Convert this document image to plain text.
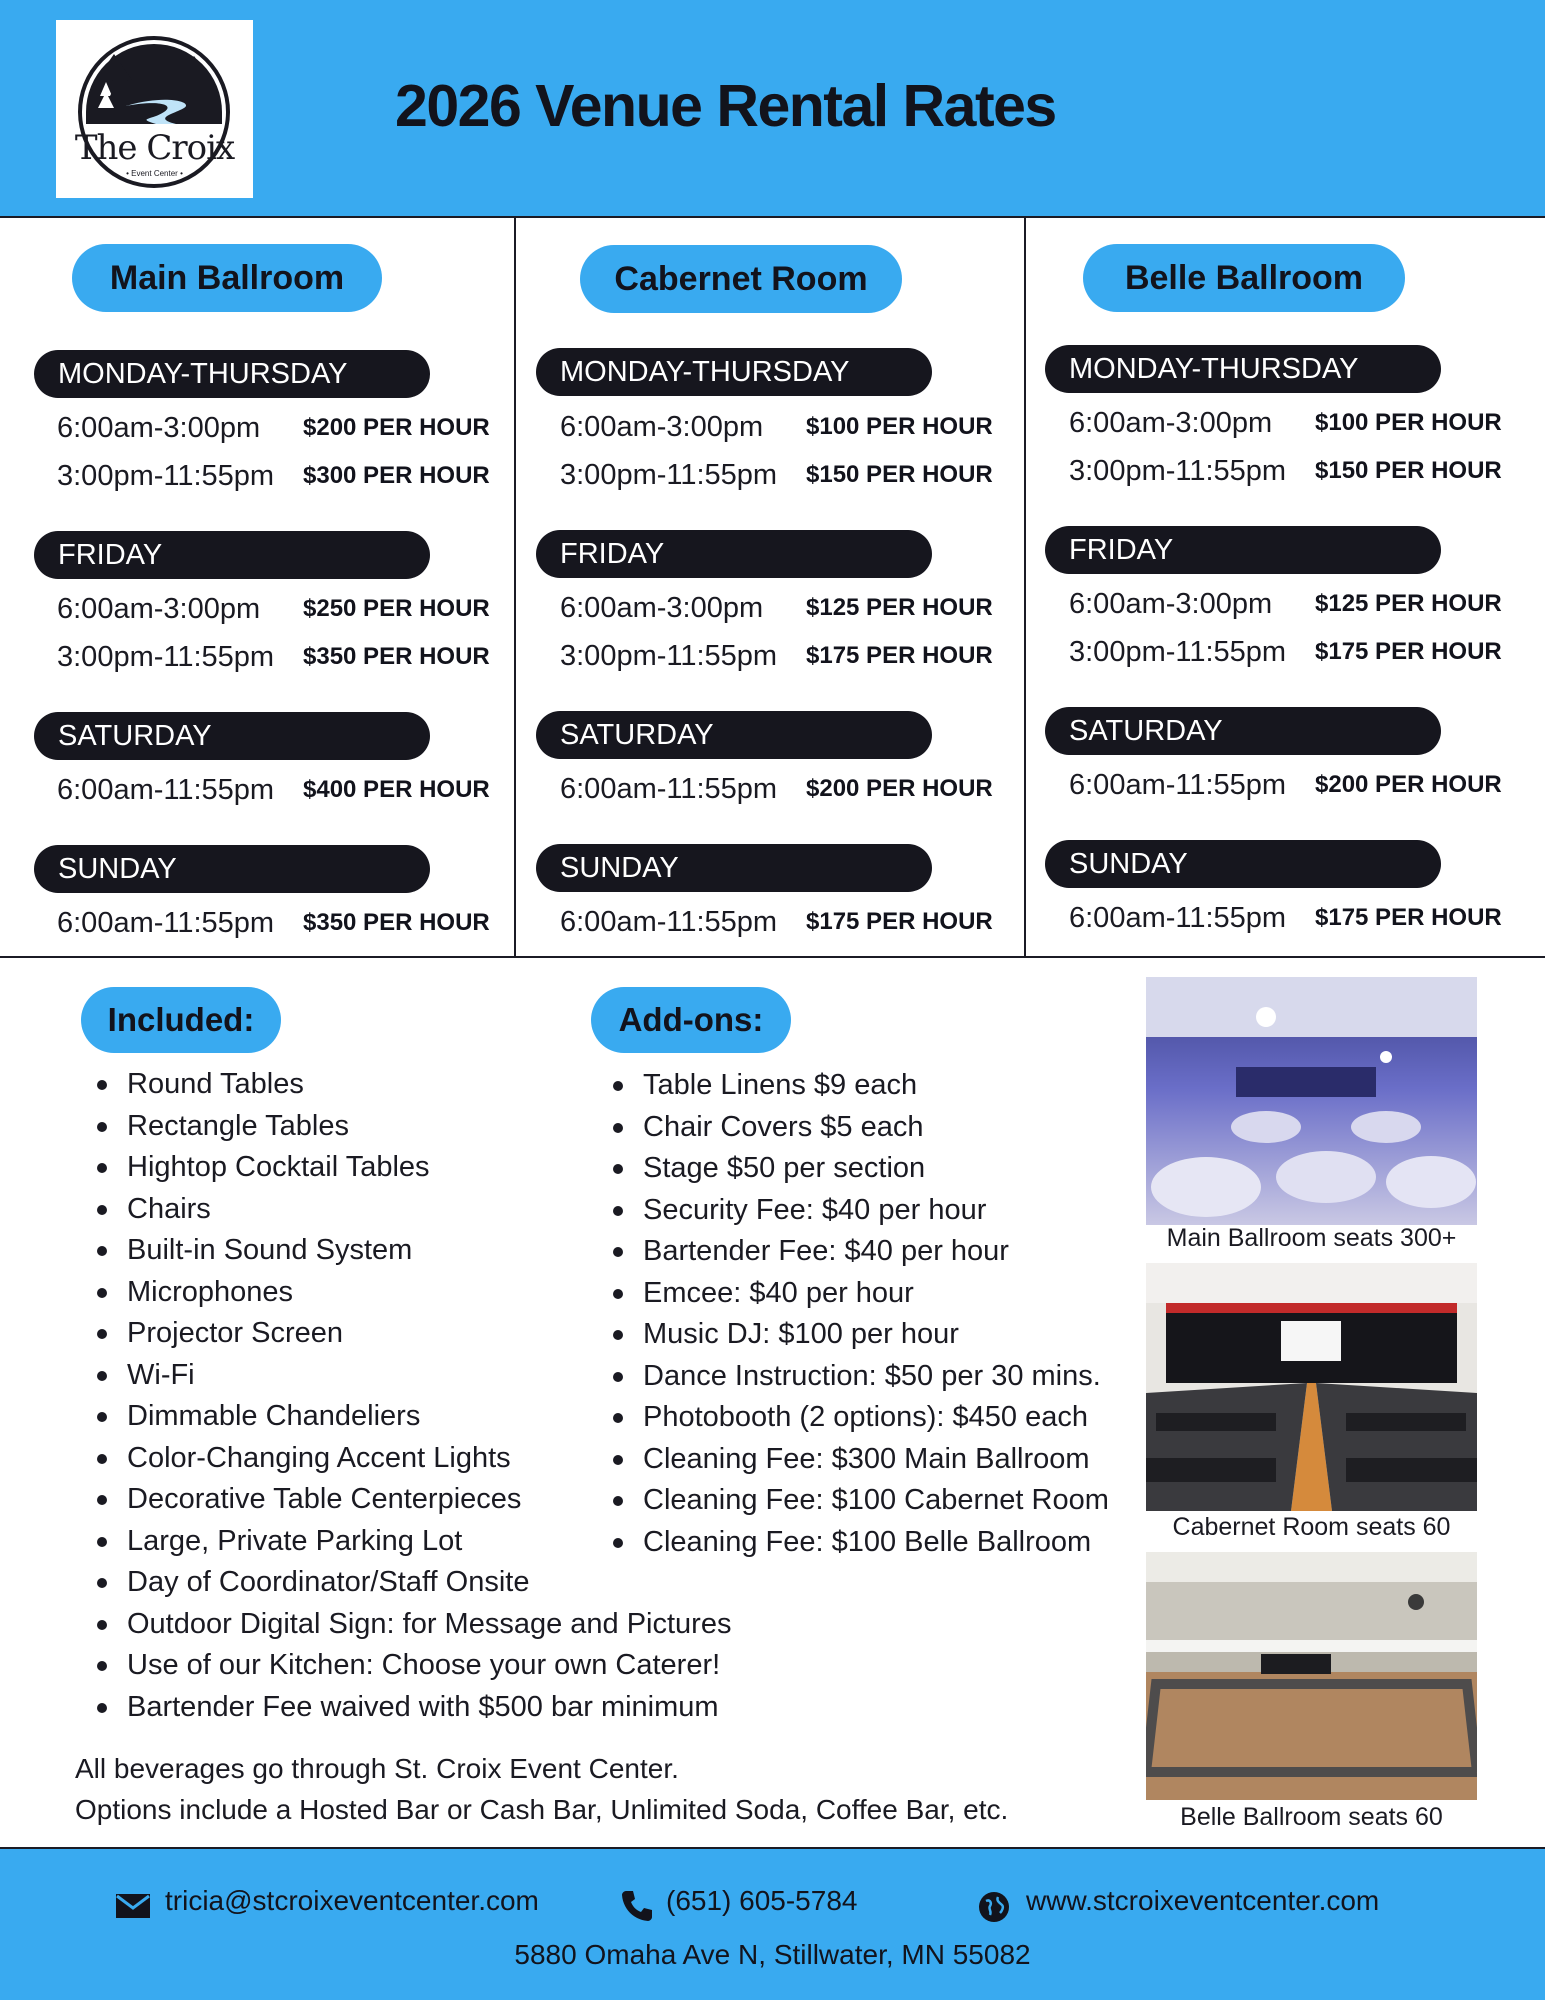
The Croix
• Event Center •
2026 Venue Rental Rates
Main Ballroom
MONDAY-THURSDAY
6:00am-3:00pm $200 PER HOUR
3:00pm-11:55pm $300 PER HOUR
FRIDAY
6:00am-3:00pm $250 PER HOUR
3:00pm-11:55pm $350 PER HOUR
SATURDAY
6:00am-11:55pm $400 PER HOUR
SUNDAY
6:00am-11:55pm $350 PER HOUR
Cabernet Room
MONDAY-THURSDAY
6:00am-3:00pm $100 PER HOUR
3:00pm-11:55pm $150 PER HOUR
FRIDAY
6:00am-3:00pm $125 PER HOUR
3:00pm-11:55pm $175 PER HOUR
SATURDAY
6:00am-11:55pm $200 PER HOUR
SUNDAY
6:00am-11:55pm $175 PER HOUR
Belle Ballroom
MONDAY-THURSDAY
6:00am-3:00pm $100 PER HOUR
3:00pm-11:55pm $150 PER HOUR
FRIDAY
6:00am-3:00pm $125 PER HOUR
3:00pm-11:55pm $175 PER HOUR
SATURDAY
6:00am-11:55pm $200 PER HOUR
SUNDAY
6:00am-11:55pm $175 PER HOUR
Included:
Round Tables
Rectangle Tables
Hightop Cocktail Tables
Chairs
Built-in Sound System
Microphones
Projector Screen
Wi-Fi
Dimmable Chandeliers
Color-Changing Accent Lights
Decorative Table Centerpieces
Large, Private Parking Lot
Day of Coordinator/Staff Onsite
Outdoor Digital Sign: for Message and Pictures
Use of our Kitchen: Choose your own Caterer!
Bartender Fee waived with $500 bar minimum
Add-ons:
Table Linens $9 each
Chair Covers $5 each
Stage $50 per section
Security Fee: $40 per hour
Bartender Fee: $40 per hour
Emcee: $40 per hour
Music DJ: $100 per hour
Dance Instruction: $50 per 30 mins.
Photobooth (2 options): $450 each
Cleaning Fee: $300 Main Ballroom
Cleaning Fee: $100 Cabernet Room
Cleaning Fee: $100 Belle Ballroom
All beverages go through St. Croix Event Center.
Options include a Hosted Bar or Cash Bar, Unlimited Soda, Coffee Bar, etc.
Main Ballroom seats 300+
Cabernet Room seats 60
Belle Ballroom seats 60
tricia@stcroixeventcenter.com	(651) 605-5784	www.stcroixeventcenter.com
5880 Omaha Ave N, Stillwater, MN 55082
